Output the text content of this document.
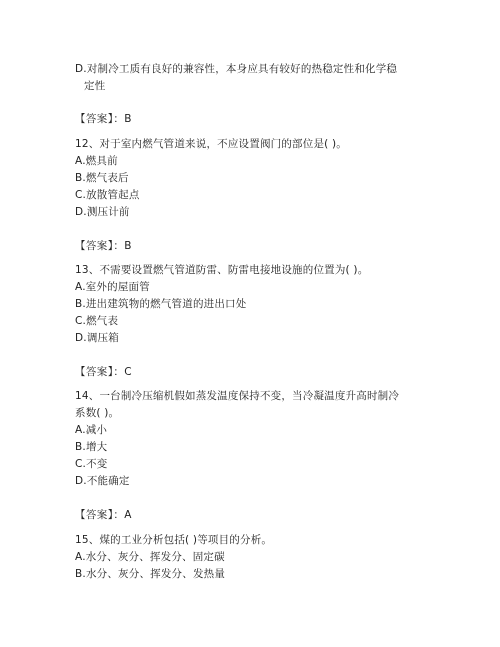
D.对制冷工质有良好的兼容性，本身应具有较好的热稳定性和化学稳
定性
【答案】：B
12、对于室内燃气管道来说，不应设置阀门的部位是( )。
A.燃具前
B.燃气表后
C.放散管起点
D.测压计前
【答案】：B
13、不需要设置燃气管道防雷、防雷电接地设施的位置为( )。
A.室外的屋面管
B.进出建筑物的燃气管道的进出口处
C.燃气表
D.调压箱
【答案】：C
14、一台制冷压缩机假如蒸发温度保持不变，当冷凝温度升高时制冷
系数( )。
A.减小
B.增大
C.不变
D.不能确定
【答案】：A
15、煤的工业分析包括( )等项目的分析。
A.水分、灰分、挥发分、固定碳
B.水分、灰分、挥发分、发热量
